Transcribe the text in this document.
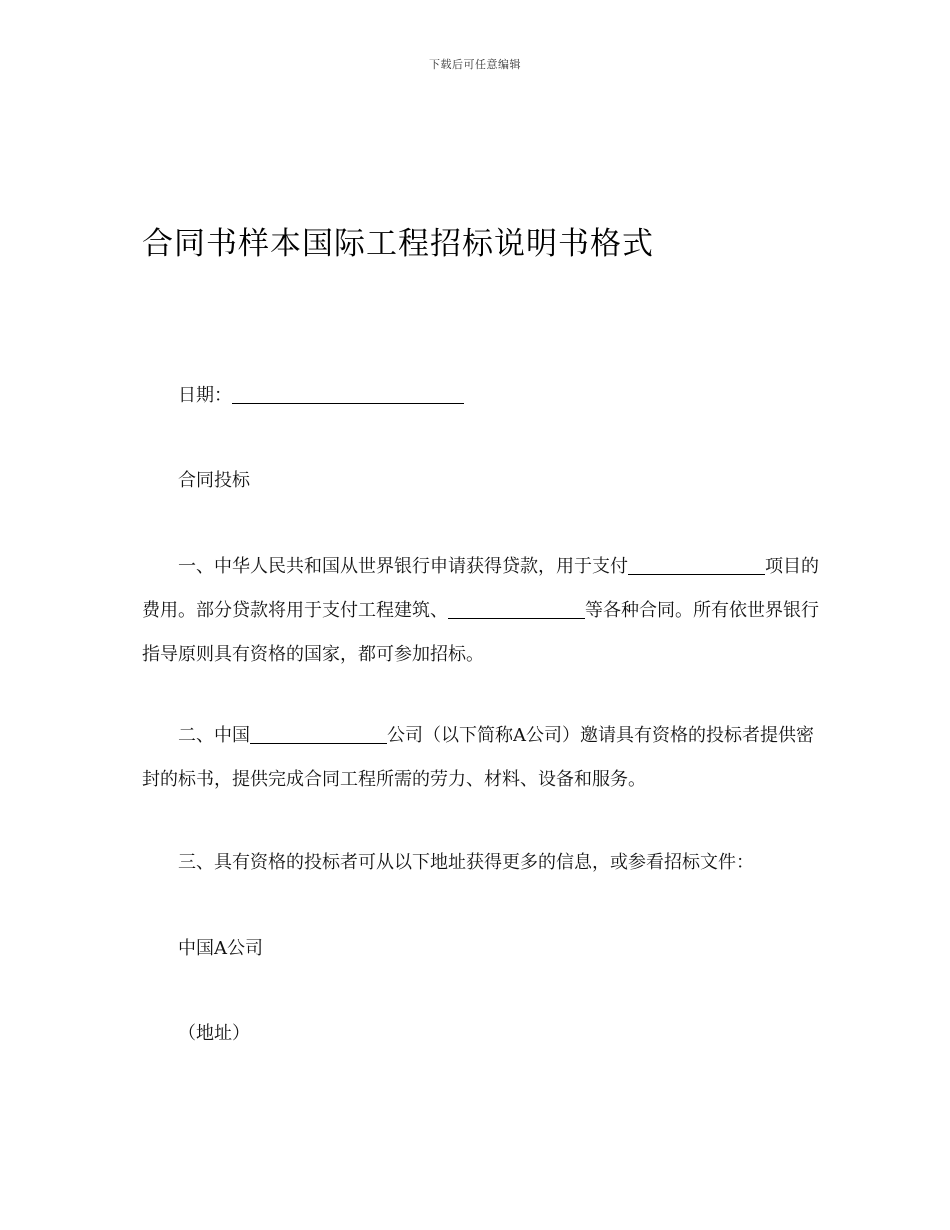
下载后可任意编辑
合同书样本国际工程招标说明书格式

日期：

合同投标

一、中华人民共和国从世界银行申请获得贷款，用于支付	项目的费用。部分贷款将用于支付工程建筑、	等各种合同。所有依世界银行指导原则具有资格的国家，都可参加招标。

二、中国	公司（以下简称A公司）邀请具有资格的投标者提供密封的标书，提供完成合同工程所需的劳力、材料、设备和服务。

三、具有资格的投标者可从以下地址获得更多的信息，或参看招标文件：

中国A公司

（地址）
